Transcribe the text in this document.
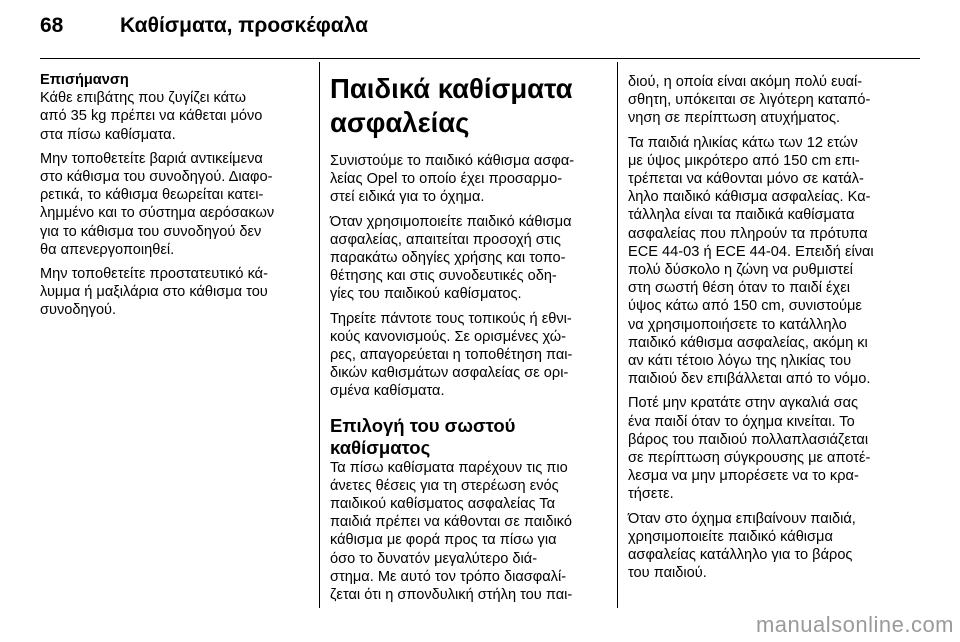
68	Καθίσματα, προσκέφαλα
Επισήμανση
Κάθε επιβάτης που ζυγίζει κάτω
από 35 kg πρέπει να κάθεται μόνο
στα πίσω καθίσματα.
Μην τοποθετείτε βαριά αντικείμενα
στο κάθισμα του συνοδηγού. Διαφο‐
ρετικά, το κάθισμα θεωρείται κατει‐
λημμένο και το σύστημα αερόσακων
για το κάθισμα του συνοδηγού δεν
θα απενεργοποιηθεί.
Μην τοποθετείτε προστατευτικό κά‐
λυμμα ή μαξιλάρια στο κάθισμα του
συνοδηγού.
Παιδικά καθίσματα
ασφαλείας
Συνιστούμε το παιδικό κάθισμα ασφα‐
λείας Opel το οποίο έχει προσαρμο‐
στεί ειδικά για το όχημα.
Όταν χρησιμοποιείτε παιδικό κάθισμα
ασφαλείας, απαιτείται προσοχή στις
παρακάτω οδηγίες χρήσης και τοπο‐
θέτησης και στις συνοδευτικές οδη‐
γίες του παιδικού καθίσματος.
Τηρείτε πάντοτε τους τοπικούς ή εθνι‐
κούς κανονισμούς. Σε ορισμένες χώ‐
ρες, απαγορεύεται η τοποθέτηση παι‐
δικών καθισμάτων ασφαλείας σε ορι‐
σμένα καθίσματα.
Επιλογή του σωστού
καθίσματος
Τα πίσω καθίσματα παρέχουν τις πιο
άνετες θέσεις για τη στερέωση ενός
παιδικού καθίσματος ασφαλείας Τα
παιδιά πρέπει να κάθονται σε παιδικό
κάθισμα με φορά προς τα πίσω για
όσο το δυνατόν μεγαλύτερο διά‐
στημα. Με αυτό τον τρόπο διασφαλί‐
ζεται ότι η σπονδυλική στήλη του παι‐
διού, η οποία είναι ακόμη πολύ ευαί‐
σθητη, υπόκειται σε λιγότερη καταπό‐
νηση σε περίπτωση ατυχήματος.
Τα παιδιά ηλικίας κάτω των 12 ετών
με ύψος μικρότερο από 150 cm επι‐
τρέπεται να κάθονται μόνο σε κατάλ‐
ληλο παιδικό κάθισμα ασφαλείας. Κα‐
τάλληλα είναι τα παιδικά καθίσματα
ασφαλείας που πληρούν τα πρότυπα
ECE 44-03 ή ECE 44-04. Επειδή είναι
πολύ δύσκολο η ζώνη να ρυθμιστεί
στη σωστή θέση όταν το παιδί έχει
ύψος κάτω από 150 cm, συνιστούμε
να χρησιμοποιήσετε το κατάλληλο
παιδικό κάθισμα ασφαλείας, ακόμη κι
αν κάτι τέτοιο λόγω της ηλικίας του
παιδιού δεν επιβάλλεται από το νόμο.
Ποτέ μην κρατάτε στην αγκαλιά σας
ένα παιδί όταν το όχημα κινείται. Το
βάρος του παιδιού πολλαπλασιάζεται
σε περίπτωση σύγκρουσης με αποτέ‐
λεσμα να μην μπορέσετε να το κρα‐
τήσετε.
Όταν στο όχημα επιβαίνουν παιδιά,
χρησιμοποιείτε παιδικό κάθισμα
ασφαλείας κατάλληλο για το βάρος
του παιδιού.
manualsonline.com
